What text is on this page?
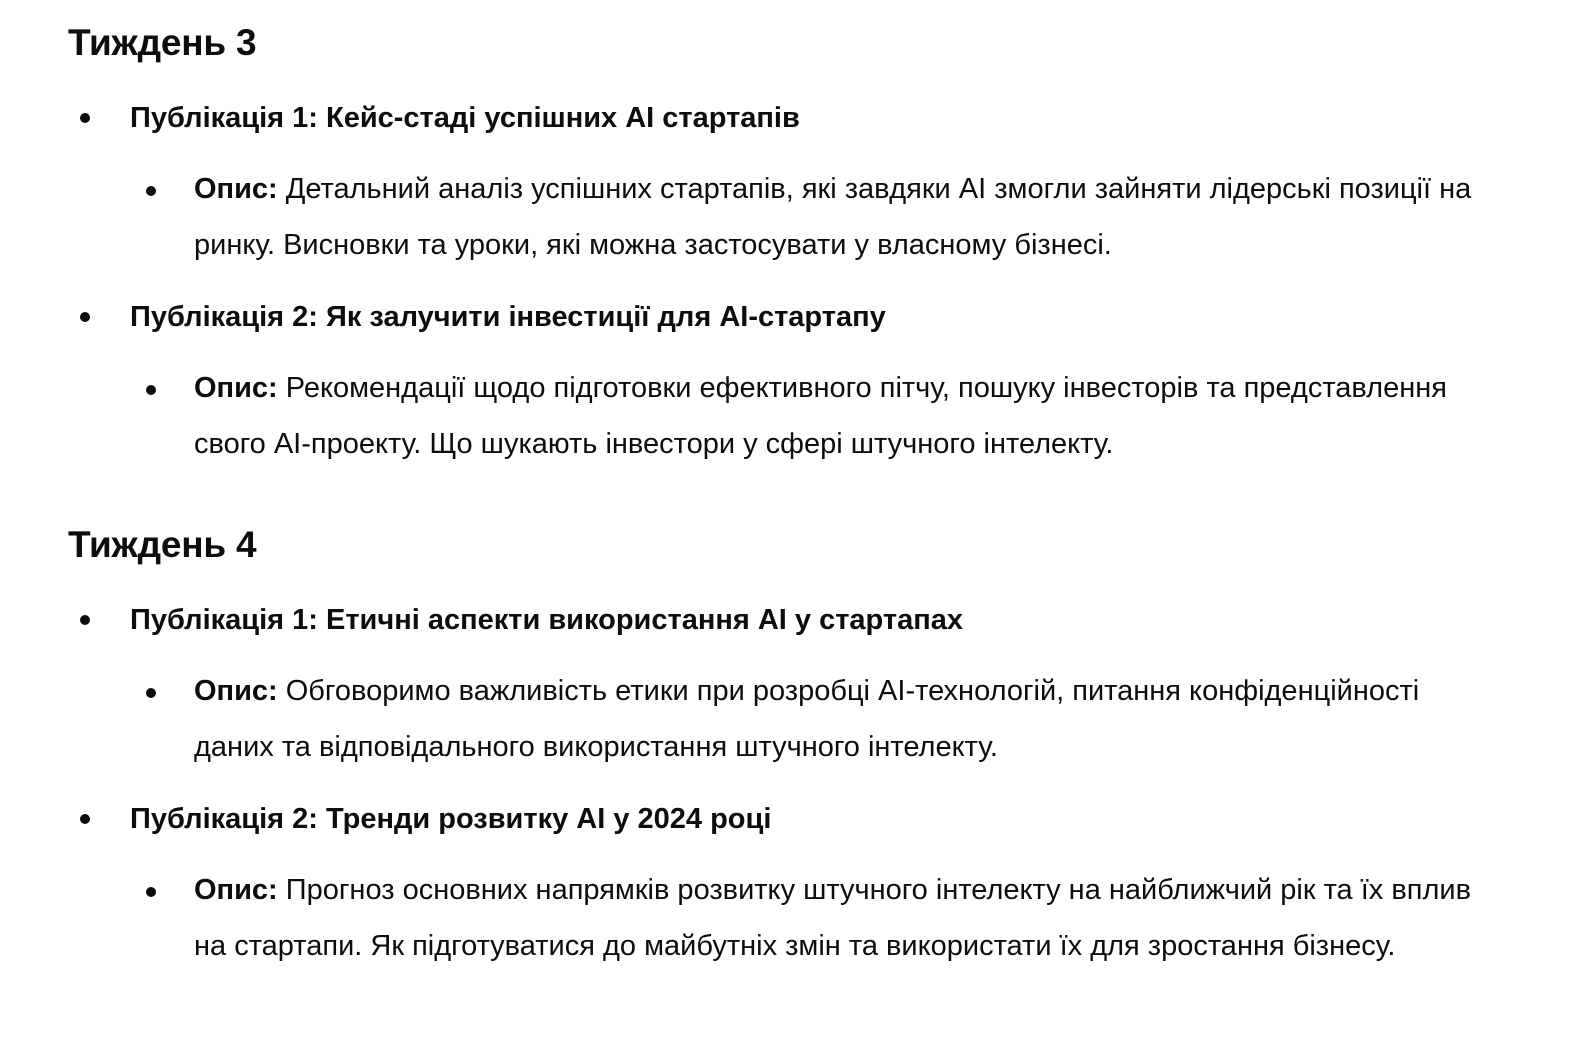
Тиждень 3
Публікація 1: Кейс-стаді успішних AI стартапів
Опис: Детальний аналіз успішних стартапів, які завдяки AI змогли зайняти лідерські позиції на ринку. Висновки та уроки, які можна застосувати у власному бізнесі.
Публікація 2: Як залучити інвестиції для AI-стартапу
Опис: Рекомендації щодо підготовки ефективного пітчу, пошуку інвесторів та представлення свого AI-проекту. Що шукають інвестори у сфері штучного інтелекту.
Тиждень 4
Публікація 1: Етичні аспекти використання AI у стартапах
Опис: Обговоримо важливість етики при розробці AI-технологій, питання конфіденційності даних та відповідального використання штучного інтелекту.
Публікація 2: Тренди розвитку AI у 2024 році
Опис: Прогноз основних напрямків розвитку штучного інтелекту на найближчий рік та їх вплив на стартапи. Як підготуватися до майбутніх змін та використати їх для зростання бізнесу.
